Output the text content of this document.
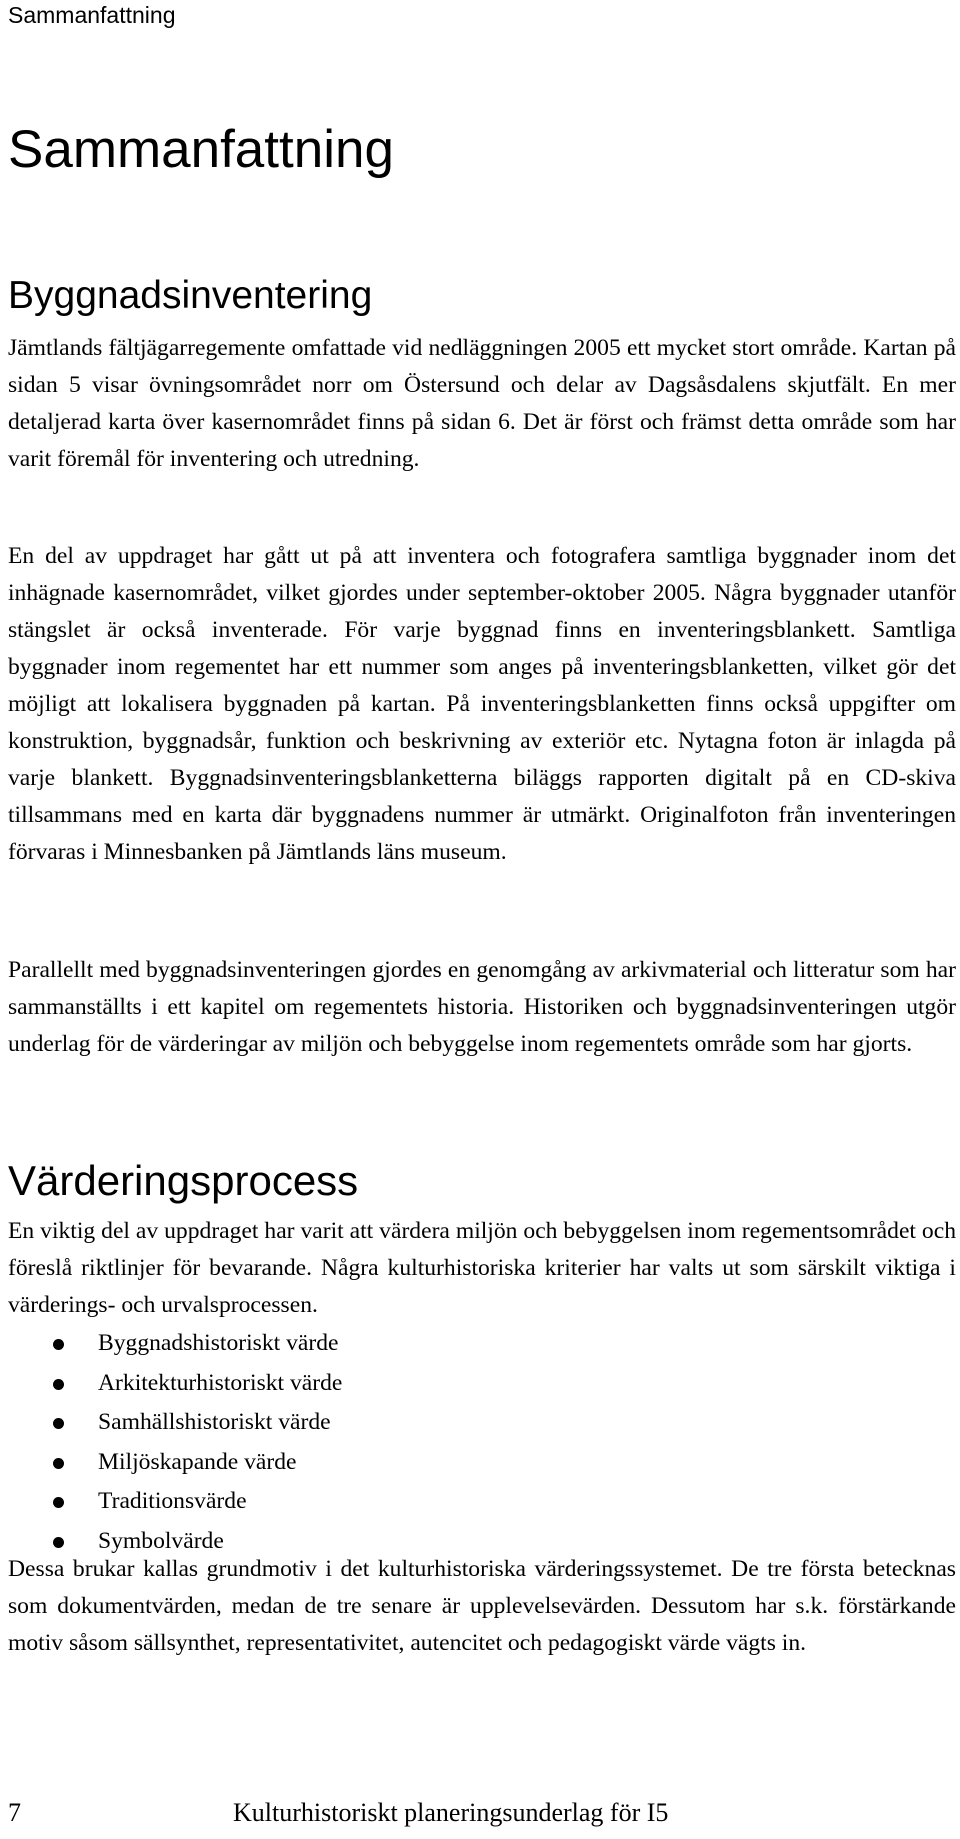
Sammanfattning
Sammanfattning
Byggnadsinventering

Jämtlands fältjägarregemente omfattade vid nedläggningen 2005 ett mycket stort område. Kartan på sidan 5 visar övningsområdet norr om Östersund och delar av Dagsåsdalens skjutfält. En mer detaljerad karta över kasernområdet finns på sidan 6. Det är först och främst detta område som har varit föremål för inventering och utredning.

En del av uppdraget har gått ut på att inventera och fotografera samtliga byggnader inom det inhägnade kasernområdet, vilket gjordes under september-oktober 2005. Några byggnader utanför stängslet är också inventerade. För varje byggnad finns en inventeringsblankett. Samtliga byggnader inom regementet har ett nummer som anges på inventeringsblanketten, vilket gör det möjligt att lokalisera byggnaden på kartan. På inventeringsblanketten finns också uppgifter om konstruktion, byggnadsår, funktion och beskrivning av exteriör etc. Nytagna foton är inlagda på varje blankett. Byggnadsinventeringsblanketterna biläggs rapporten digitalt på en CD-skiva tillsammans med en karta där byggnadens nummer är utmärkt. Originalfoton från inventeringen förvaras i Minnesbanken på Jämtlands läns museum.

Parallellt med byggnadsinventeringen gjordes en genomgång av arkivmaterial och litteratur som har sammanställts i ett kapitel om regementets historia. Historiken och byggnadsinventeringen utgör underlag för de värderingar av miljön och bebyggelse inom regementets område som har gjorts.

Värderingsprocess

En viktig del av uppdraget har varit att värdera miljön och bebyggelsen inom regementsområdet och föreslå riktlinjer för bevarande. Några kulturhistoriska kriterier har valts ut som särskilt viktiga i värderings- och urvalsprocessen.

Byggnadshistoriskt värde
Arkitekturhistoriskt värde
Samhällshistoriskt värde
Miljöskapande värde
Traditionsvärde
Symbolvärde

Dessa brukar kallas grundmotiv i det kulturhistoriska värderingssystemet. De tre första betecknas som dokumentvärden, medan de tre senare är upplevelsevärden. Dessutom har s.k. förstärkande motiv såsom sällsynthet, representativitet, autencitet och pedagogiskt värde vägts in.

7	Kulturhistoriskt planeringsunderlag för I5
